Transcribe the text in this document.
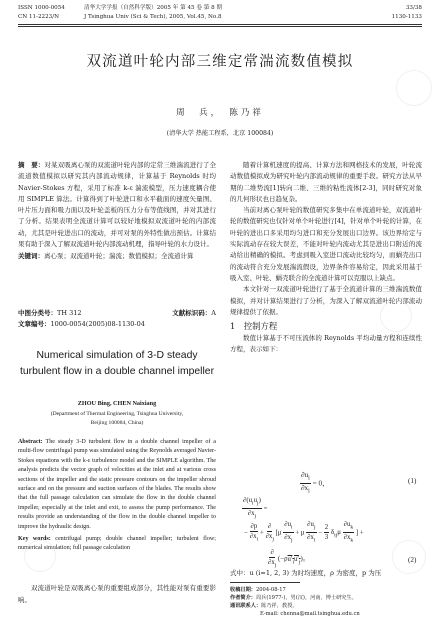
ISSN 1000-0054	清华大学学报（自然科学版）2005 年 第 45 卷 第 8 期	33/38
CN 11-2223/N	J Tsinghua Univ (Sci & Tech), 2005, Vol.45, No.8	1130-1133
双流道叶轮内部三维定常湍流数值模拟
周　兵，　陈乃祥
(清华大学 热能工程系，北京 100084)

摘　要：对某双吸离心泵的双流道叶轮内部的定常三维湍流进行了全流道数值模拟以研究其内部流动规律，计算基于 Reynolds 时均 Navier-Stokes 方程，采用了标准 k-ε 湍流模型，压力速度耦合使用 SIMPLE 算法。计算得到了叶轮进口和水平截面的速度矢量图、叶片压力面和吸力面以及叶轮盖板的压力分布等值线图，并对其进行了分析。结果表明全流道计算可以较好地模拟双流道叶轮的内部流动，尤其是叶轮进出口的流动，并可对泵的外特性做出预估。计算结果有助于深入了解双流道叶轮内部流动机理，指导叶轮的水力设计。

关键词：离心泵；双流道叶轮；湍流；数值模拟；全流道计算

中图分类号：TH 312	文献标识码：A
文章编号：1000-0054(2005)08-1130-04
Numerical simulation of 3-D steady turbulent flow in a double channel impeller
ZHOU Bing, CHEN Naixiang
(Department of Thermal Engineering, Tsinghua University,
Beijing 100084, China)

Abstract: The steady 3-D turbulent flow in a double channel impeller of a multi-flow centrifugal pump was simulated using the Reynolds averaged Navier-Stokes equations with the k-ε turbulence model and the SIMPLE algorithm. The analysis predicts the vector graph of velocities at the inlet and at various cross sections of the impeller and the static pressure contours on the impeller shroud surface and on the pressure and suction surfaces of the blades. The results show that the full passage calculation can simulate the flow in the double channel impeller, especially at the inlet and exit, to assess the pump performance. The results provide an understanding of the flow in the double channel impeller to improve the hydraulic design.

Key words: centrifugal pump; double channel impeller; turbulent flow; numerical simulation; full passage calculation

双流道叶轮是双吸离心泵的重要组成部分，其性能对泵有重要影响。

随着计算机速度的提高、计算方法和网格技术的发展，叶轮流动数值模拟成为研究叶轮内部流动规律的重要手段。研究方法从早期的二维势流[1]转向二维、三维的粘性流体[2-3]，同时研究对象的几何形状也日趋复杂。

当前对离心泵叶轮的数值研究多集中在单流道叶轮，双流道叶轮的数值研究也仅针对单个叶轮进行[4]，针对单个叶轮的计算，在叶轮的进出口多采用均匀进口和充分发展出口边界。该边界给定与实际流动存在较大误差，不能对叶轮内流动尤其是进出口附近的流动给出精确的模拟。考虑到吸入室进口流动比较均匀，而蜗壳出口的流动符合充分发展湍流假设，边界条件容易给定，因此采用基于吸入室、叶轮、蜗壳联合的全流道计算可以克服以上缺点。

本文针对一双流道叶轮进行了基于全流道计算的三维湍流数值模拟，并对计算结果进行了分析，为深入了解双流道叶轮内部流动规律提供了依据。

1　控制方程

数值计算基于不可压流体的 Reynolds 平均动量方程和连续性方程，表示如下：

$\frac{\partial u_i}{\partial x_i} = 0$，	(1)
$\frac{\partial(u_iu_j)}{\partial x_j}$ =
− $\frac{\partial p}{\partial x_i} + \frac{\partial}{\partial x_j} [\mu \frac{\partial u_i}{\partial x_j} + \mu \frac{\partial u_j}{\partial x_i} - \frac{2}{3} \delta_{ij}\mu \frac{\partial u_k}{\partial x_k}$ ] +
$\frac{\partial}{\partial x_j} (-\rho u'_iu'_j)$。	(2)
式中：u (i=1, 2, 3) 为时均速度，ρ 为密度，p 为压
收稿日期：2004-08-17
作者简介：周兵(1977-)，男(汉)，河南，博士研究生。
通讯联系人：陈乃祥，教授，
E-mail: chenna@mail.tsinghua.edu.cn
